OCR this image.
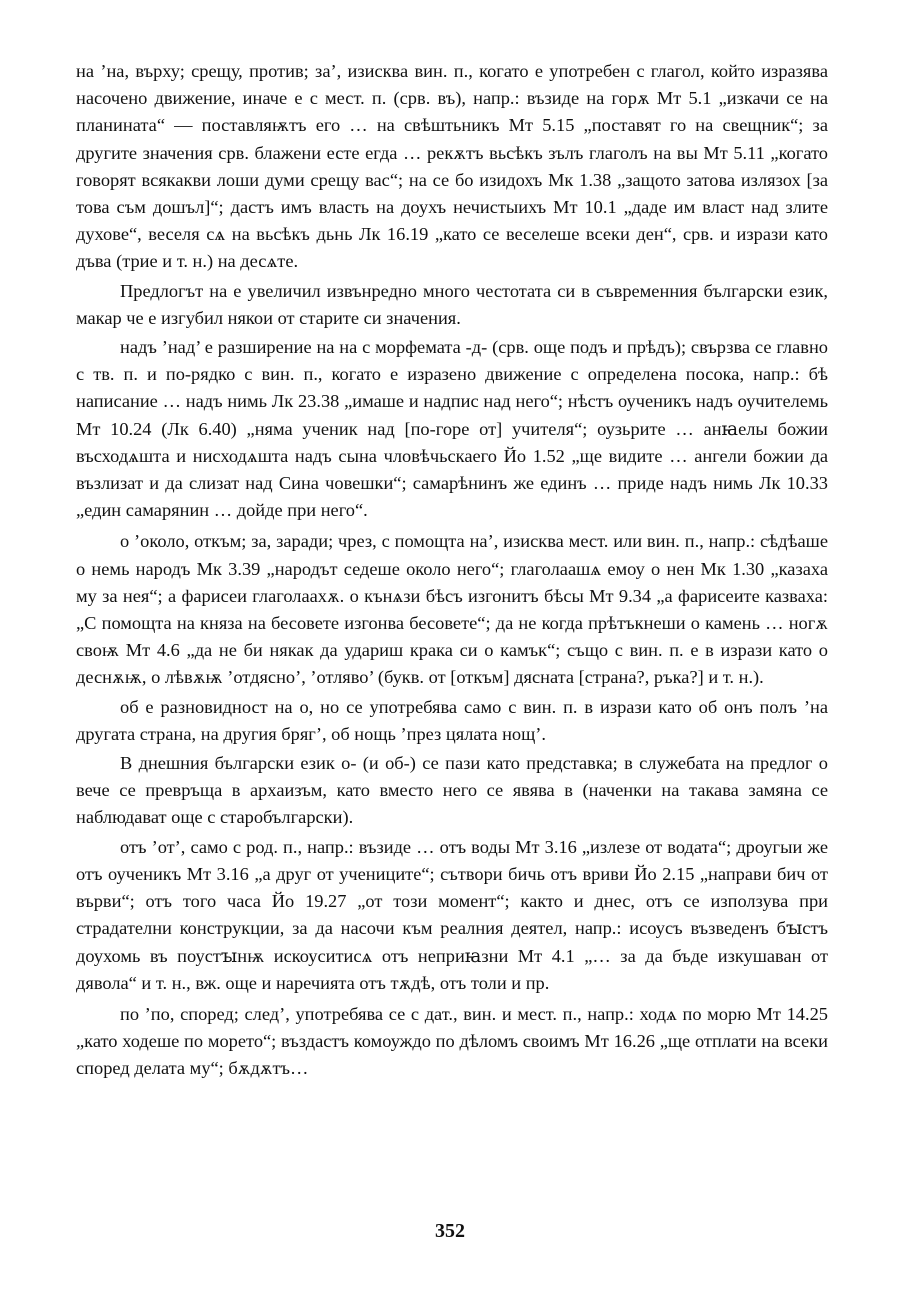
на ʼна, върху; срещу, против; за’, изисква вин. п., когато е употребен с глагол, който изразява насочено движение, иначе е с мест. п. (срв. въ), напр.: възиде на горѫ Мт 5.1 „изкачи се на планината“ — поставляѭтъ его … на свѣштьникъ Мт 5.15 „поставят го на свещник“; за другите значения срв. блажени есте егда … рекѫтъ вьсѣкъ зълъ глаголъ на вы Мт 5.11 „когато говорят всякакви лоши думи срещу вас“; на се бо изидохъ Мк 1.38 „защото затова излязох [за това съм дошъл]“; дастъ имъ власть на доухъ нечистыихъ Мт 10.1 „даде им власт над злите духове“, веселя сѧ на вьсѣкъ дьнь Лк 16.19 „като се веселеше всеки ден“, срв. и изрази като дъва (трие и т. н.) на десѧте.

Предлогът на е увеличил извънредно много честотата си в съвременния български език, макар че е изгубил някои от старите си значения.

надъ ʼнад’ е разширение на на с морфемата -д- (срв. още подъ и прѣдъ); свързва се главно с тв. п. и по-рядко с вин. п., когато е изразено движение с определена посока, напр.: бѣ написание … надъ нимь Лк 23.38 „имаше и надпис над него“; нѣстъ оученикъ надъ оучителемь Мт 10.24 (Лк 6.40) „няма ученик над [по-горе от] учителя“; оузьрите … анꙗелы божии въсходѧшта и нисходѧшта надъ сына чловѣчьскаего Йо 1.52 „ще видите … ангели божии да възлизат и да слизат над Сина човешки“; самарѣнинъ же единъ … приде надъ нимь Лк 10.33 „един самарянин … дойде при него“.

о ʼоколо, откъм; за, заради; чрез, с помощта на’, изисква мест. или вин. п., напр.: сѣдѣаше о немь народъ Мк 3.39 „народът седеше около него“; глаголаашѧ емоу о нен Мк 1.30 „казаха му за нея“; а фарисеи глаголаахѫ. о кънѧзи бѣсъ изгонитъ бѣсы Мт 9.34 „а фарисеите казваха: „С помощта на княза на бесовете изгонва бесовете“; да не когда прѣтъкнеши о камень … ногѫ своѭ Мт 4.6 „да не би някак да удариш крака си о камък“; също с вин. п. е в изрази като о деснѫѭ, о лѣвѫѭ ʼотдясно’, ʼотляво’ (букв. от [откъм] дясната [страна?, ръка?] и т. н.).

об е разновидност на о, но се употребява само с вин. п. в изрази като об онъ полъ ʼна другата страна, на другия бряг’, об нощь ʼпрез цялата нощ’.

В днешния български език о- (и об-) се пази като представка; в служебата на предлог о вече се превръща в архаизъм, като вместо него се явява в (наченки на такава замяна се наблюдават още с старобългарски).

отъ ʼот’, само с род. п., напр.: възиде … отъ воды Мт 3.16 „излезе от водата“; дроугыи же отъ оученикъ Мт 3.16 „а друг от учениците“; сътвори бичь отъ вриви Йо 2.15 „направи бич от върви“; отъ того часа Йо 19.27 „от този момент“; както и днес, отъ се използува при страдателни конструкции, за да насочи към реалния деятел, напр.: исоусъ възведенъ бꙑстъ доухомь въ поустꙑнѭ искоуситисѧ отъ неприꙗзни Мт 4.1 „… за да бъде изкушаван от дявола“ и т. н., вж. още и наречията отъ тѫдѣ, отъ толи и пр.

по ʼпо, според; след’, употребява се с дат., вин. и мест. п., напр.: ходѧ по морю Мт 14.25 „като ходеше по морето“; въздастъ комоуждо по дѣломъ своимъ Мт 16.26 „ще отплати на всеки според делата му“; бѫдѫтъ…

352
